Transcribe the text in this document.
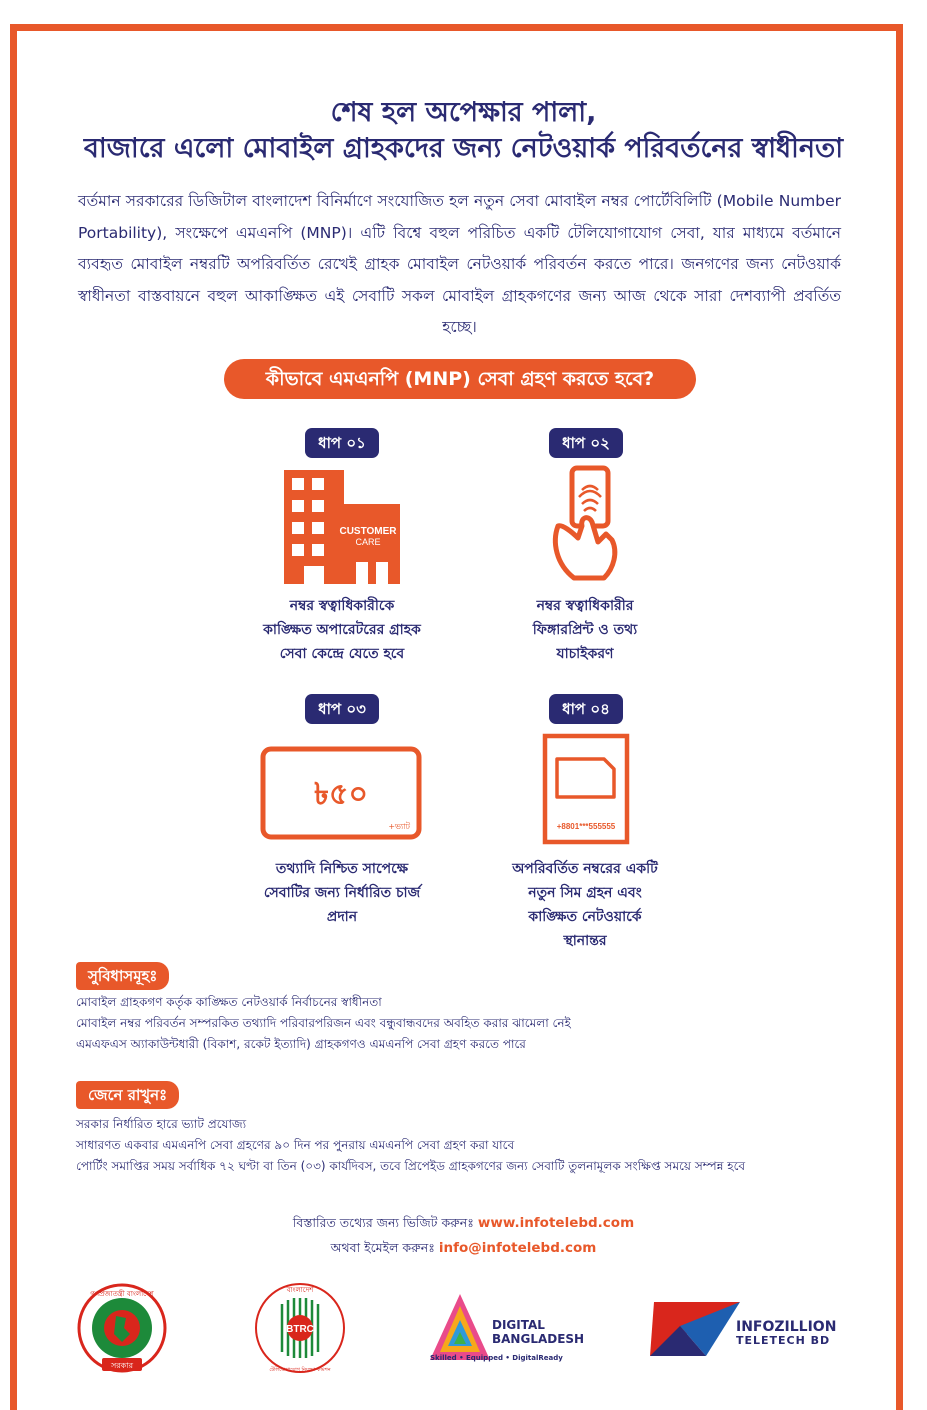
শেষ হল অপেক্ষার পালা,
বাজারে এলো মোবাইল গ্রাহকদের জন্য নেটওয়ার্ক পরিবর্তনের স্বাধীনতা
বর্তমান সরকারের ডিজিটাল বাংলাদেশ বিনির্মাণে সংযোজিত হল নতুন সেবা মোবাইল নম্বর পোর্টেবিলিটি (Mobile Number Portability), সংক্ষেপে এমএনপি (MNP)। এটি বিশ্বে বহুল পরিচিত একটি টেলিযোগাযোগ সেবা, যার মাধ্যমে বর্তমানে ব্যবহৃত মোবাইল নম্বরটি অপরিবর্তিত রেখেই গ্রাহক মোবাইল নেটওয়ার্ক পরিবর্তন করতে পারে। জনগণের জন্য নেটওয়ার্ক স্বাধীনতা বাস্তবায়নে বহুল আকাঙ্ক্ষিত এই সেবাটি সকল মোবাইল গ্রাহকগণের জন্য আজ থেকে সারা দেশব্যাপী প্রবর্তিত হচ্ছে।
কীভাবে এমএনপি (MNP) সেবা গ্রহণ করতে হবে?
ধাপ ০১
CUSTOMER
CARE
নম্বর স্বত্বাধিকারীকে
কাঙ্ক্ষিত অপারেটরের গ্রাহক
সেবা কেন্দ্রে যেতে হবে
ধাপ ০২
নম্বর স্বত্বাধিকারীর
ফিঙ্গারপ্রিন্ট ও তথ্য
যাচাইকরণ
ধাপ ০৩
৳৫০
+ভ্যাট
তথ্যাদি নিশ্চিত সাপেক্ষে
সেবাটির জন্য নির্ধারিত চার্জ
প্রদান
ধাপ ০৪
+8801***555555
অপরিবর্তিত নম্বরের একটি
নতুন সিম গ্রহন এবং
কাঙ্ক্ষিত নেটওয়ার্কে
স্থানান্তর
সুবিধাসমূহঃ
মোবাইল গ্রাহকগণ কর্তৃক কাঙ্ক্ষিত নেটওয়ার্ক নির্বাচনের স্বাধীনতা
মোবাইল নম্বর পরিবর্তন সম্পরকিত তথ্যাদি পরিবারপরিজন এবং বন্ধুবান্ধবদের অবহিত করার ঝামেলা নেই
এমএফএস অ্যাকাউন্টধারী (বিকাশ, রকেট ইত্যাদি) গ্রাহকগণও এমএনপি সেবা গ্রহণ করতে পারে
জেনে রাখুনঃ
সরকার নির্ধারিত হারে ভ্যাট প্রযোজ্য
সাধারণত একবার এমএনপি সেবা গ্রহণের ৯০ দিন পর পুনরায় এমএনপি সেবা গ্রহণ করা যাবে
পোর্টিং সমাপ্তির সময় সর্বাধিক ৭২ ঘণ্টা বা তিন (০৩) কার্যদিবস, তবে প্রিপেইড গ্রাহকগণের জন্য সেবাটি তুলনামূলক সংক্ষিপ্ত সময়ে সম্পন্ন হবে
বিস্তারিত তথ্যের জন্য ভিজিট করুনঃ www.infotelebd.com
অথবা ইমেইল করুনঃ info@infotelebd.com
গণপ্রজাতন্ত্রী বাংলাদেশ
সরকার
BTRC
বাংলাদেশ
টেলিযোগাযোগ নিয়ন্ত্রণ কমিশন
DIGITAL
BANGLADESH
Skilled • Equipped • DigitalReady
INFOZILLION
TELETECH BD
